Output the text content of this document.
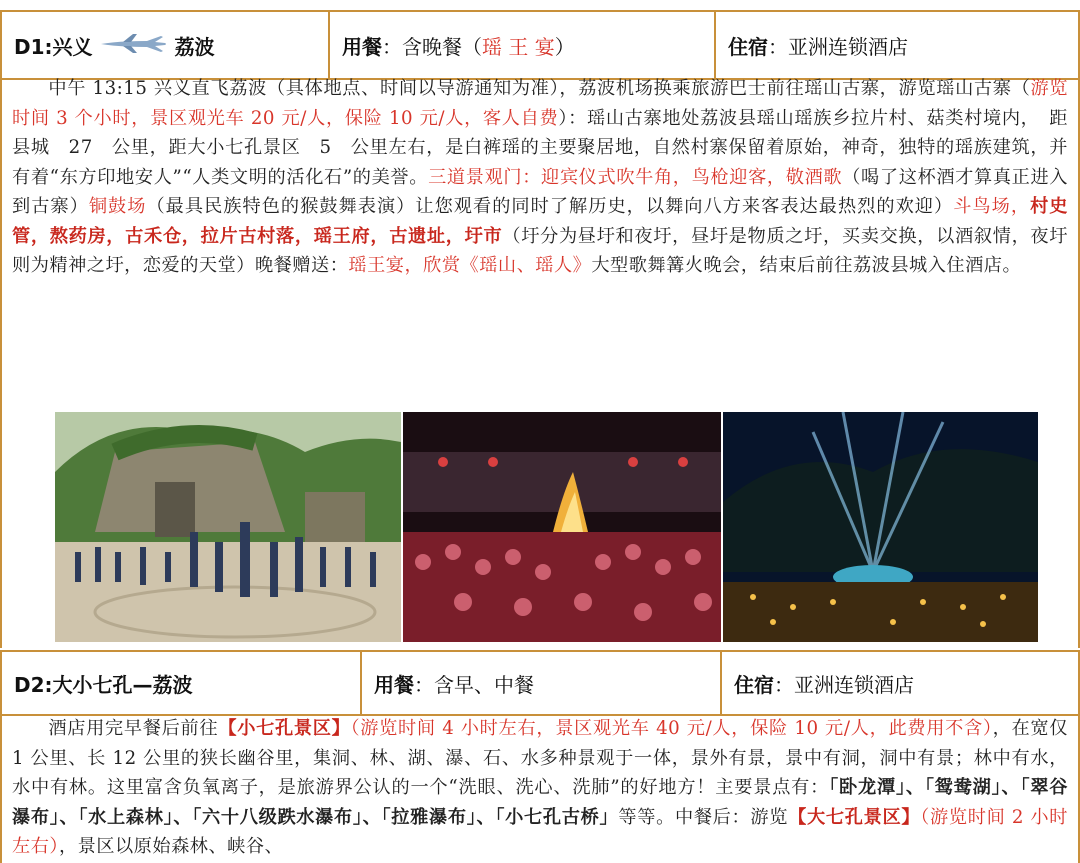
D1:兴义	荔波	用餐 ：含晚餐（ 瑶 王 宴 ）	住宿 ：亚洲连锁酒店
中午 13:15 兴义直飞荔波（具体地点、时间以导游通知为准），荔波机场换乘旅游巴士前往瑶山古寨，游览瑶山古寨（游览时间 3 个小时，景区观光车 20 元/人，保险 10 元/人，客人自费）：瑶山古寨地处荔波县瑶山瑶族乡拉片村、菇类村境内，　距县城　27　公里，距大小七孔景区　5　公里左右，是白裤瑶的主要聚居地，自然村寨保留着原始，神奇，独特的瑶族建筑，并有着“东方印地安人”“人类文明的活化石”的美誉。三道景观门：迎宾仪式吹牛角，鸟枪迎客，敬酒歌（喝了这杯酒才算真正进入到古寨）铜鼓场（最具民族特色的猴鼓舞表演）让您观看的同时了解历史，以舞向八方来客表达最热烈的欢迎）斗鸟场，村史管，熬药房，古禾仓，拉片古村落，瑶王府，古遗址，圩市（圩分为昼圩和夜圩，昼圩是物质之圩，买卖交换，以酒叙情，夜圩则为精神之圩，恋爱的天堂）晚餐赠送：瑶王宴，欣赏《瑶山、瑶人》大型歌舞篝火晚会，结束后前往荔波县城入住酒店。
D2:大小七孔—荔波	用餐 ：含早、中餐	住宿 ：亚洲连锁酒店
酒店用完早餐后前往【小七孔景区】（游览时间 4 小时左右，景区观光车 40 元/人，保险 10 元/人，此费用不含），在宽仅 1 公里、长 12 公里的狭长幽谷里，集洞、林、湖、瀑、石、水多种景观于一体，景外有景，景中有洞，洞中有景；林中有水，水中有林。这里富含负氧离子，是旅游界公认的一个“洗眼、洗心、洗肺”的好地方！主要景点有：「卧龙潭」、「鸳鸯湖」、「翠谷瀑布」、「水上森林」、「六十八级跌水瀑布」、「拉雅瀑布」、「小七孔古桥」等等。中餐后：游览【大七孔景区】（游览时间 2 小时左右），景区以原始森林、峡谷、
